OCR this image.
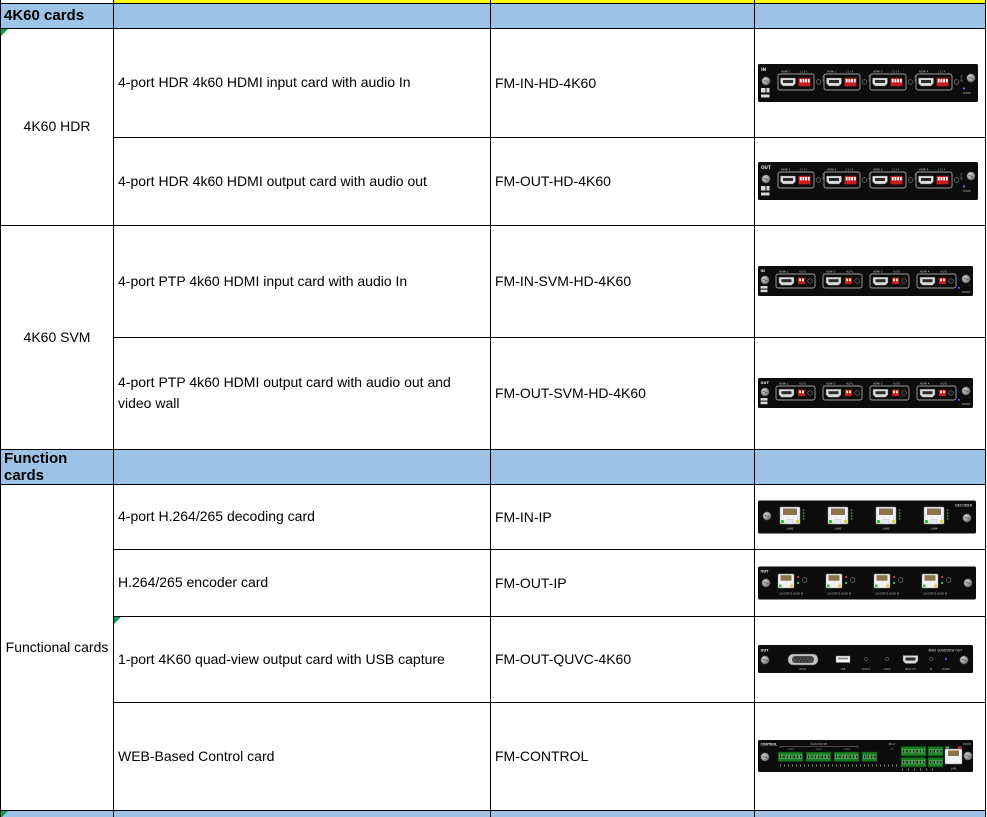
4K60 cards			
4K60 HDR	4-port HDR 4k60 HDMI input card with audio In	FM-IN-HD-4K60	
IN
HDMI 1	HDMI 2	HDMI 3	HDMI 4
1 2 3 4	1 2 3 4	1 2 3 4	1 2 3 4
AUDIO	AUDIO	AUDIO	AUDIO
POWER

4-port HDR 4k60 HDMI output card with audio out	FM-OUT-HD-4K60	
OUT
HDMI 1	HDMI 2	HDMI 3	HDMI 4
1 2 3 4	1 2 3 4	1 2 3 4	1 2 3 4
AUDIO	AUDIO	AUDIO	AUDIO
POWER

4K60 SVM	4-port PTP 4k60 HDMI input card with audio In	FM-IN-SVM-HD-4K60	
IN	HDMI 1	HDMI 2	HDMI 3	HDMI 4
AUDIO	AUDIO	AUDIO	AUDIO
POWER

4-port PTP 4k60 HDMI output card with audio out and video wall	FM-OUT-SVM-HD-4K60	
OUT	HDMI 1	HDMI 2	HDMI 3	HDMI 4
AUDIO	AUDIO	AUDIO	AUDIO
POWER

Function cards			
Functional cards	4-port H.264/265 decoding card	FM-IN-IP	DECODER
LAN1 LAN2 LAN3 LAN4

	H.264/265 encoder card	FM-OUT-IP	OUT
LAN STATUS AUDIO IN LAN STATUS AUDIO IN LAN STATUS AUDIO IN LAN STATUS AUDIO IN

1-port 4K60 quad-view output card with USB capture	FM-OUT-QUVC-4K60	
OUT	4K60 QUADVIEW OUT
RS232	USB	LAYOUT	AUDIO	HDMI OUT	IR	POWER

WEB-Based Control card	FM-CONTROL	
CONTROL	POWER
RS232/422/485
COM 1	COM 2	COM 3
RELAY
I/O
LAN
